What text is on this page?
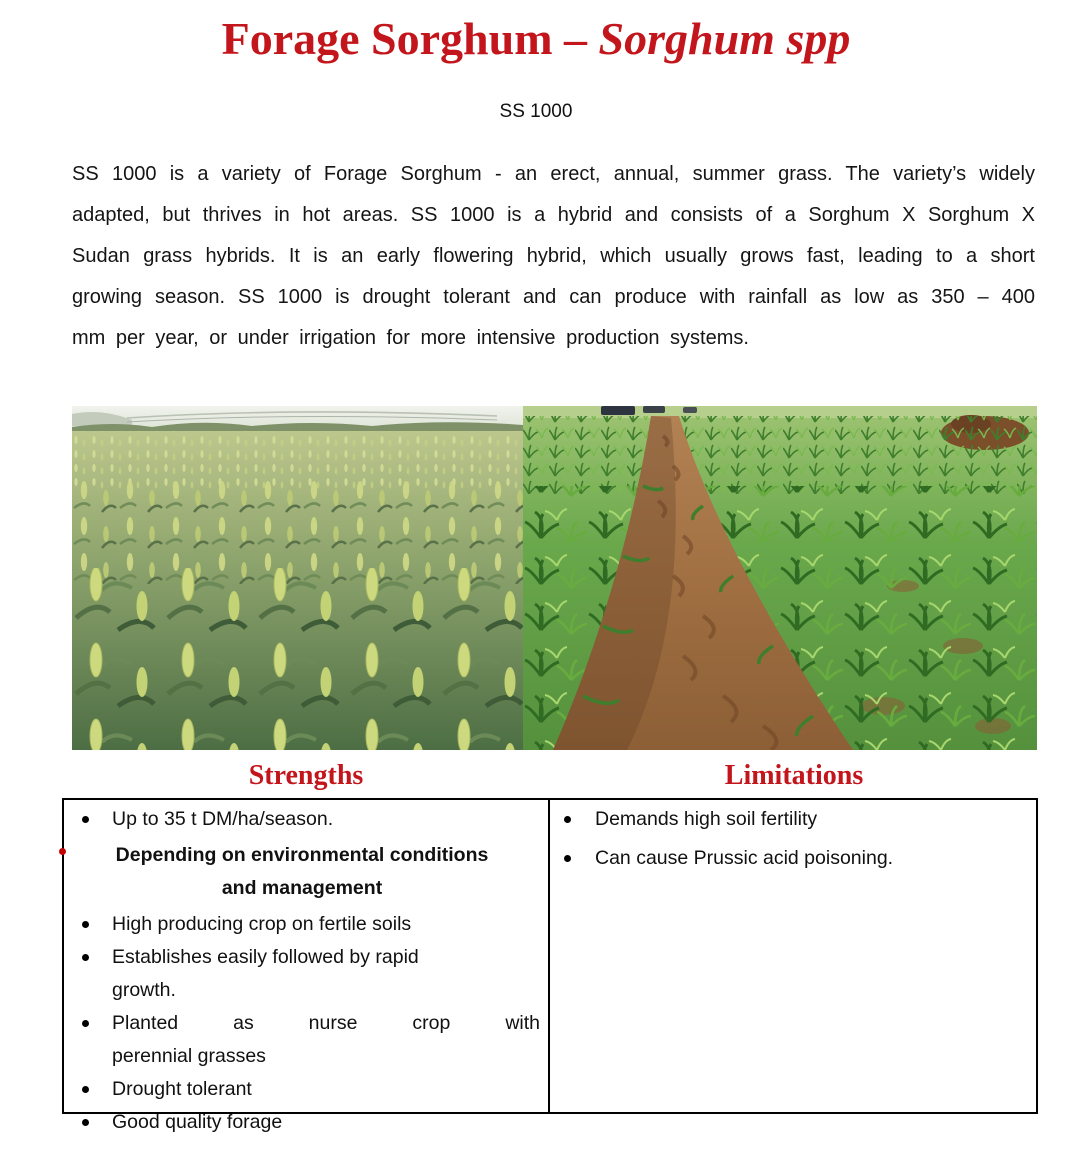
Forage Sorghum – Sorghum spp
SS 1000

SS 1000 is a variety of Forage Sorghum - an erect, annual, summer grass. The variety’s widely adapted, but thrives in hot areas. SS 1000 is a hybrid and consists of a Sorghum X Sorghum X Sudan grass hybrids. It is an early flowering hybrid, which usually grows fast, leading to a short growing season. SS 1000 is drought tolerant and can produce with rainfall as low as 350 – 400 mm per year, or under irrigation for more intensive production systems.

Strengths	Limitations
Up to 35 t DM/ha/season.
Depending on environmental conditions
and management
High producing crop on fertile soils
Establishes easily followed by rapid
growth.
Planted as nurse crop with
perennial grasses
Drought tolerant
Good quality forage
Demands high soil fertility
Can cause Prussic acid poisoning.
